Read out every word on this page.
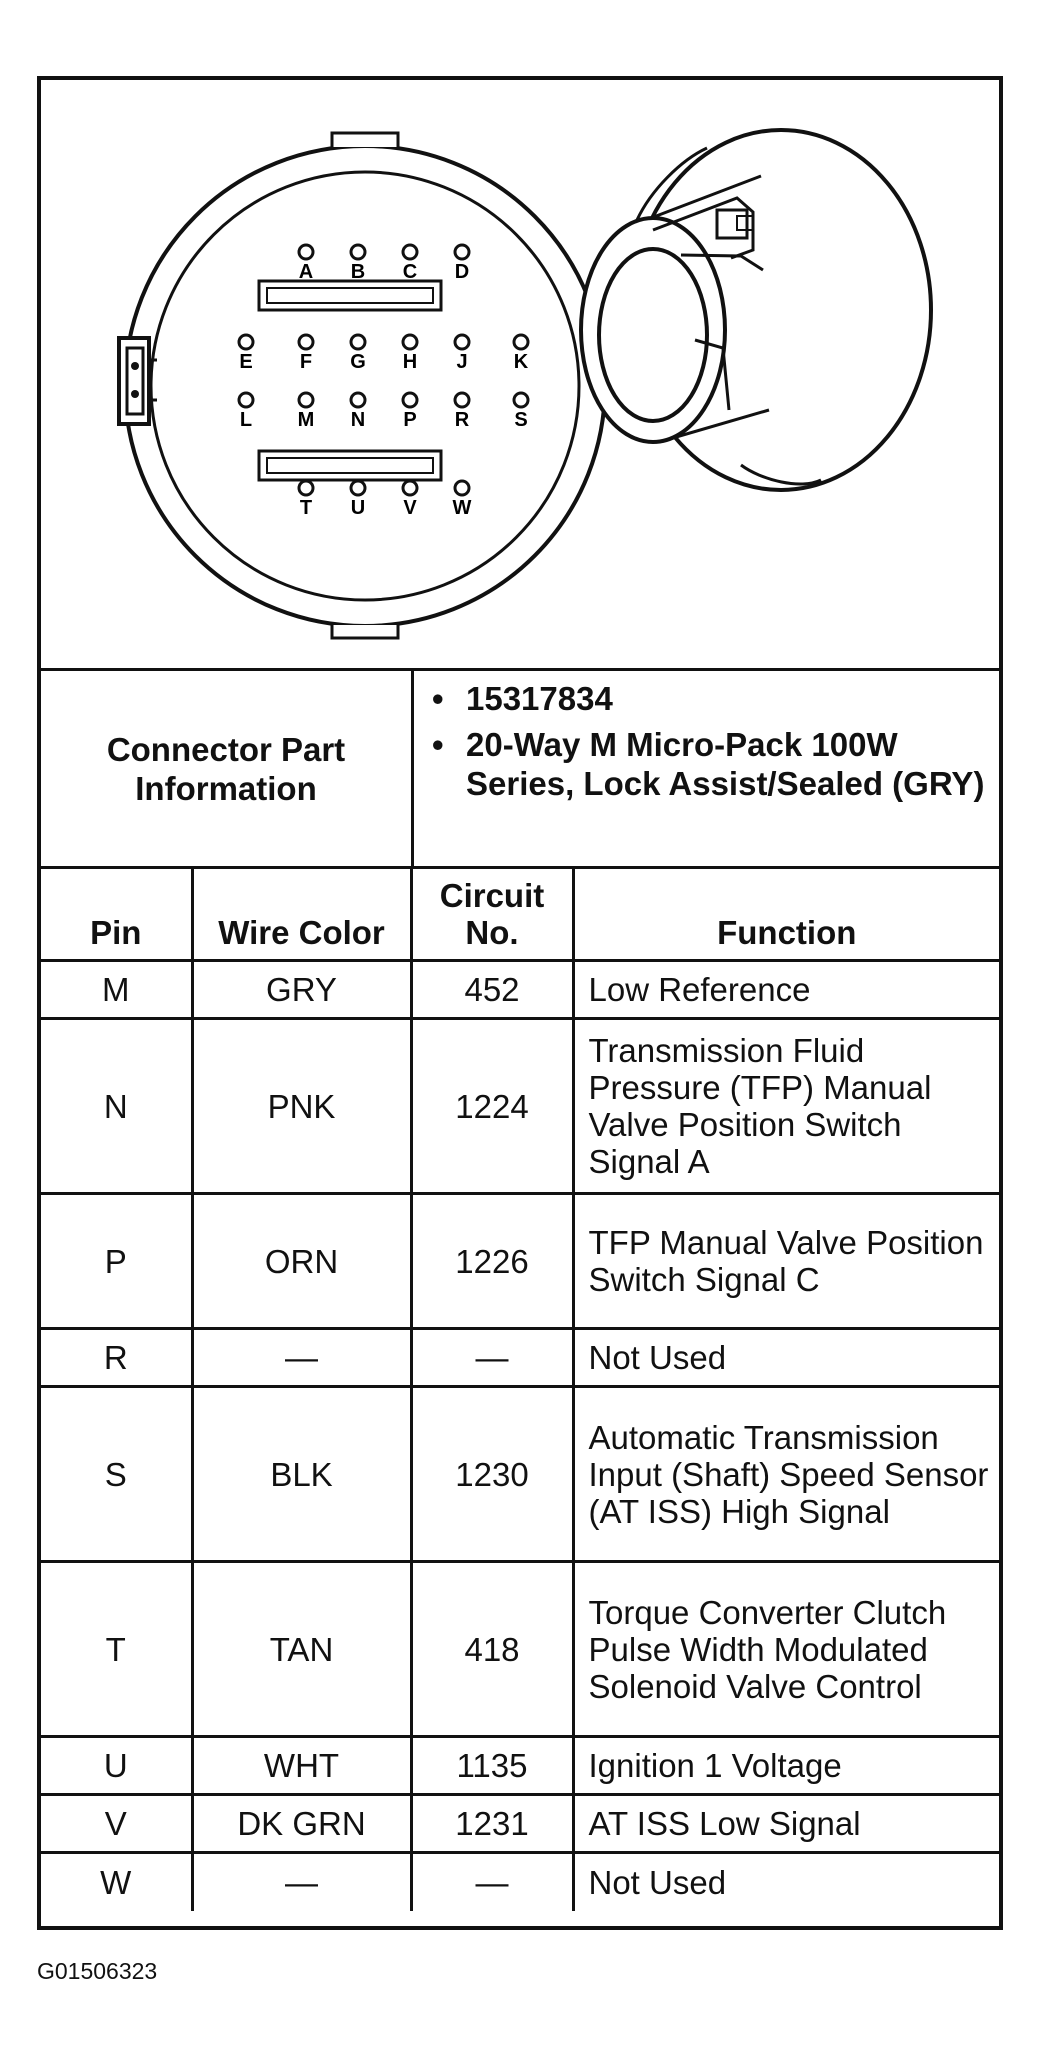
A B C D
E F G H J K
L M N P R S
T U V W
Connector Part Information
• 15317834
• 20-Way M Micro-Pack 100W Series, Lock Assist/Sealed (GRY)
Pin	Wire Color	Circuit No.	Function
M	GRY	452	Low Reference
N	PNK	1224	Transmission Fluid Pressure (TFP) Manual Valve Position Switch Signal A
P	ORN	1226	TFP Manual Valve Position Switch Signal C
R	—	—	Not Used
S	BLK	1230	Automatic Transmission Input (Shaft) Speed Sensor (AT ISS) High Signal
T	TAN	418	Torque Converter Clutch Pulse Width Modulated Solenoid Valve Control
U	WHT	1135	Ignition 1 Voltage
V	DK GRN	1231	AT ISS Low Signal
W	—	—	Not Used
G01506323
